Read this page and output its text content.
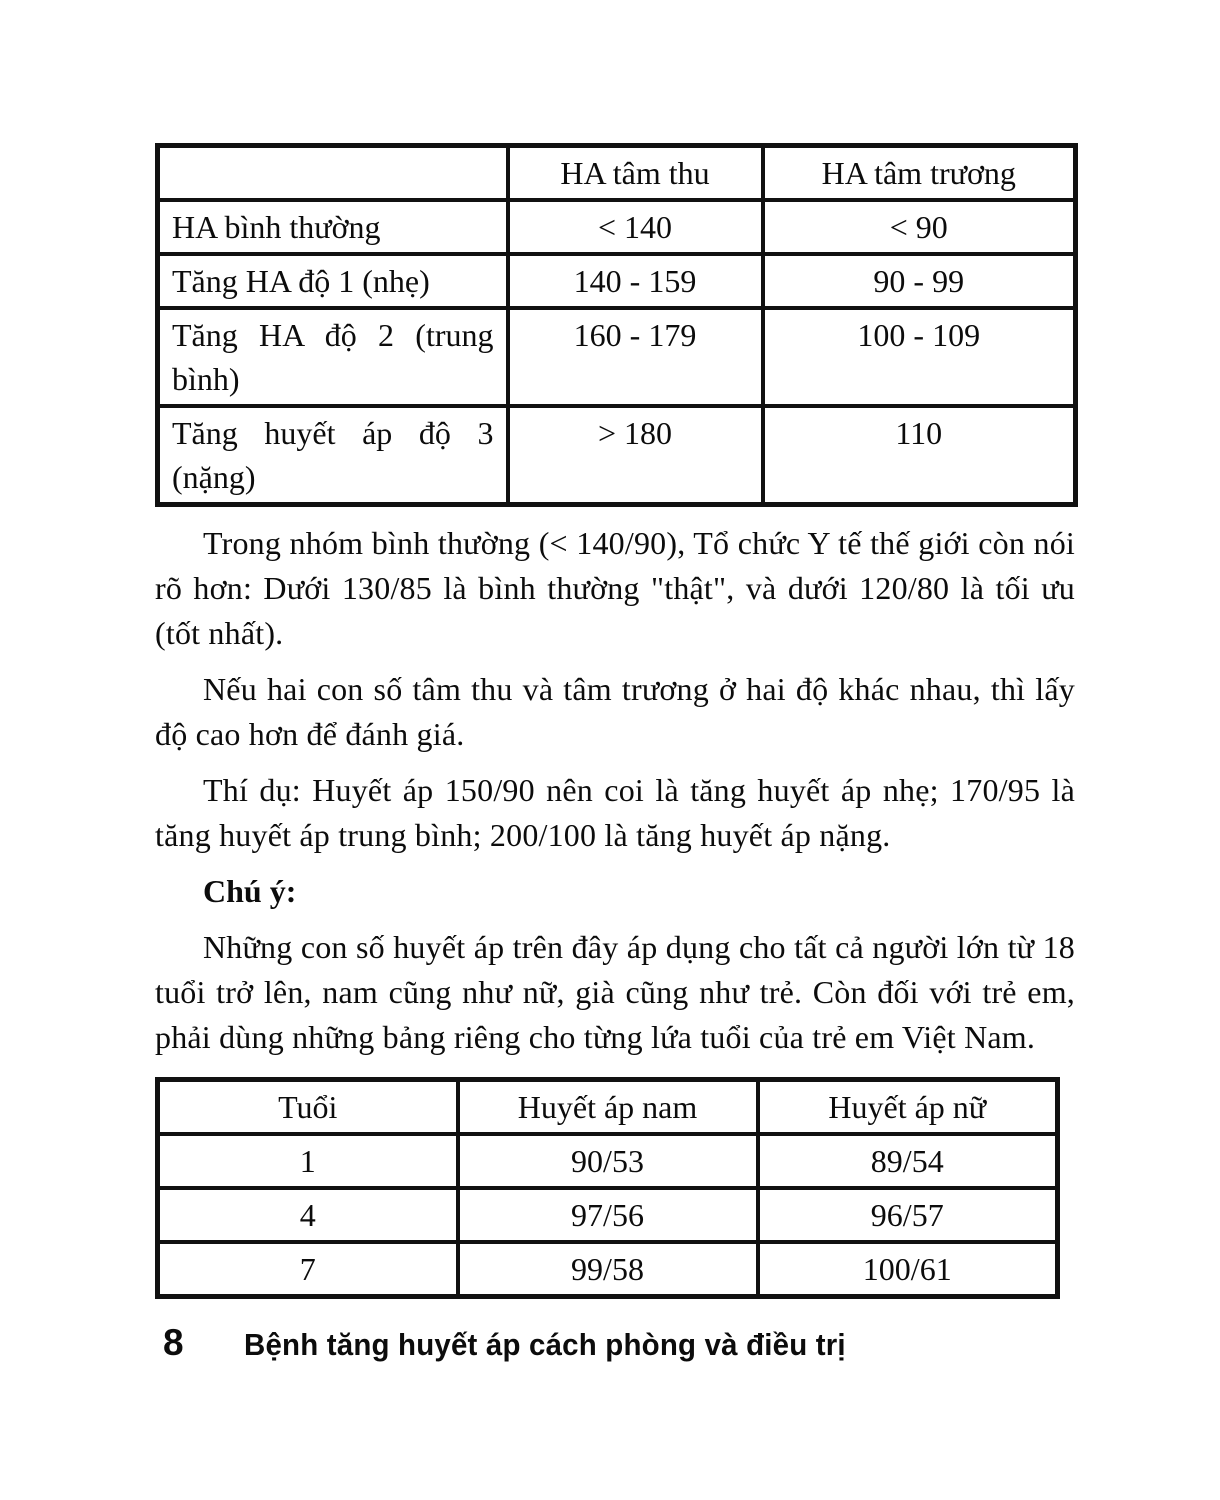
	HA tâm thu	HA tâm trương
HA bình thường	< 140	< 90
Tăng HA độ 1 (nhẹ)	140 - 159	90 - 99
Tăng HA độ 2 (trung bình)	160 - 179	100 - 109
Tăng huyết áp độ 3 (nặng)	> 180	110

Trong nhóm bình thường (< 140/90), Tổ chức Y tế thế giới còn nói rõ hơn: Dưới 130/85 là bình thường "thật", và dưới 120/80 là tối ưu (tốt nhất).

Nếu hai con số tâm thu và tâm trương ở hai độ khác nhau, thì lấy độ cao hơn để đánh giá.

Thí dụ: Huyết áp 150/90 nên coi là tăng huyết áp nhẹ; 170/95 là tăng huyết áp trung bình; 200/100 là tăng huyết áp nặng.

Chú ý:

Những con số huyết áp trên đây áp dụng cho tất cả người lớn từ 18 tuổi trở lên, nam cũng như nữ, già cũng như trẻ. Còn đối với trẻ em, phải dùng những bảng riêng cho từng lứa tuổi của trẻ em Việt Nam.

Tuổi	Huyết áp nam	Huyết áp nữ
1	90/53	89/54
4	97/56	96/57
7	99/58	100/61
8 Bệnh tăng huyết áp cách phòng và điều trị
